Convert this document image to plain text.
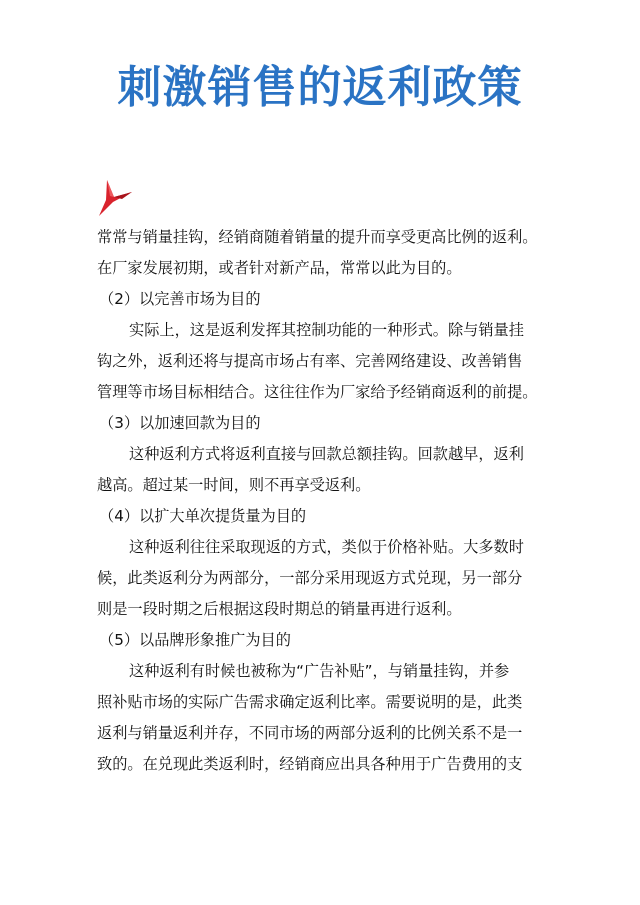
刺激销售的返利政策
常常与销量挂钩，经销商随着销量的提升而享受更高比例的返利。
在厂家发展初期，或者针对新产品，常常以此为目的。
（2）以完善市场为目的
实际上，这是返利发挥其控制功能的一种形式。除与销量挂
钩之外，返利还将与提高市场占有率、完善网络建设、改善销售
管理等市场目标相结合。这往往作为厂家给予经销商返利的前提。
（3）以加速回款为目的
这种返利方式将返利直接与回款总额挂钩。回款越早，返利
越高。超过某一时间，则不再享受返利。
（4）以扩大单次提货量为目的
这种返利往往采取现返的方式，类似于价格补贴。大多数时
候，此类返利分为两部分，一部分采用现返方式兑现，另一部分
则是一段时期之后根据这段时期总的销量再进行返利。
（5）以品牌形象推广为目的
这种返利有时候也被称为“广告补贴”，与销量挂钩，并参
照补贴市场的实际广告需求确定返利比率。需要说明的是，此类
返利与销量返利并存，不同市场的两部分返利的比例关系不是一
致的。在兑现此类返利时，经销商应出具各种用于广告费用的支
